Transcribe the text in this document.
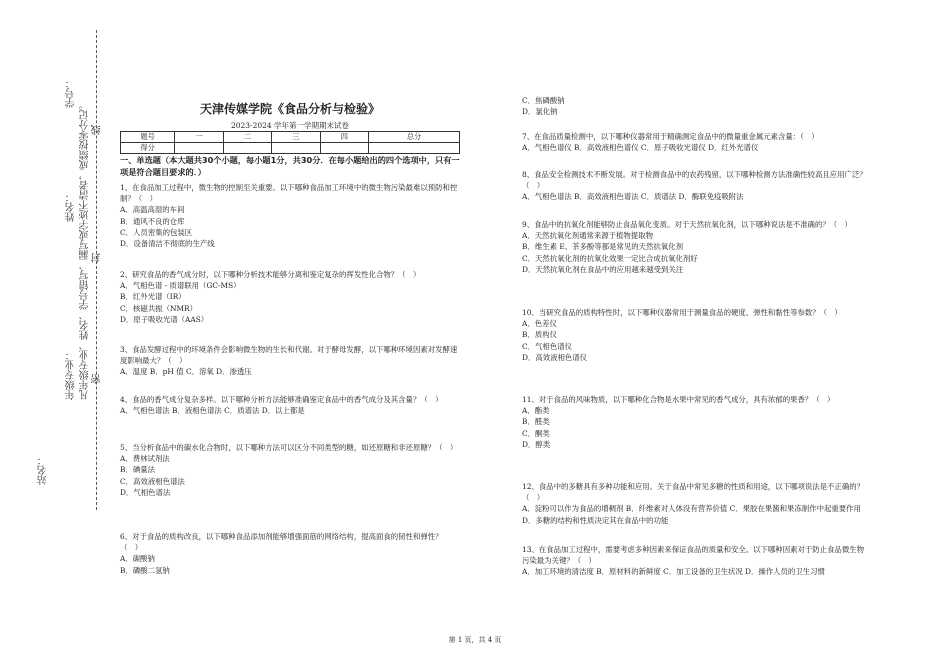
学号：
凡年级专业、姓名、学号错写、漏写或字迹不清者，成绩按零分记。
姓名：
年级专业：
站名：
密
封
线
天津传媒学院《食品分析与检验》
2023-2024 学年第一学期期末试卷
题号	一	二	三	四	总分
得分					
一、单选题（本大题共30个小题，每小题1分，共30分．在每小题给出的四个选项中，只有一项是符合题目要求的．）

1、在食品加工过程中，微生物的控制至关重要。以下哪种食品加工环境中的微生物污染最难以预防和控制？（　）

A．高温高湿的车间

B．通风不良的仓库

C．人员密集的包装区

D．设备清洁不彻底的生产线

2、研究食品的香气成分时，以下哪种分析技术能够分离和鉴定复杂的挥发性化合物？（　）

A．气相色谱 - 质谱联用（GC-MS）

B．红外光谱（IR）

C．核磁共振（NMR）

D．原子吸收光谱（AAS）

3、食品发酵过程中的环境条件会影响微生物的生长和代谢。对于酵母发酵，以下哪种环境因素对发酵速度影响最大？（　）

A．温度 B．pH 值 C．溶氧 D．渗透压

4、食品的香气成分复杂多样。以下哪种分析方法能够准确鉴定食品中的香气成分及其含量？（　）

A．气相色谱法 B．液相色谱法 C．质谱法 D．以上都是

5、当分析食品中的碳水化合物时，以下哪种方法可以区分不同类型的糖，如还原糖和非还原糖？（　）

A．费林试剂法

B．碘量法

C．高效液相色谱法

D．气相色谱法

6、对于食品的质构改良，以下哪种食品添加剂能够增强面筋的网络结构，提高面食的韧性和弹性？（　）

A．碳酸钠

B．磷酸二氢钠

C．焦磷酸钠

D．氯化钠

7、在食品质量检测中，以下哪种仪器常用于精确测定食品中的微量重金属元素含量：（　）

A．气相色谱仪 B．高效液相色谱仪 C．原子吸收光谱仪 D．红外光谱仪

8、食品安全检测技术不断发展。对于检测食品中的农药残留，以下哪种检测方法准确性较高且应用广泛？（　）

A．气相色谱法 B．高效液相色谱法 C．质谱法 D．酶联免疫吸附法

9、食品中的抗氧化剂能够防止食品氧化变质。对于天然抗氧化剂，以下哪种说法是不准确的？（　）

A．天然抗氧化剂通常来源于植物提取物

B．维生素 E、茶多酚等都是常见的天然抗氧化剂

C．天然抗氧化剂的抗氧化效果一定比合成抗氧化剂好

D．天然抗氧化剂在食品中的应用越来越受到关注

10、当研究食品的质构特性时，以下哪种仪器常用于测量食品的硬度、弹性和黏性等参数？（　）

A．色差仪

B．质构仪

C．气相色谱仪

D．高效液相色谱仪

11、对于食品的风味物质，以下哪种化合物是水果中常见的香气成分，具有浓郁的果香？（　）

A．酯类

B．醛类

C．酮类

D．醇类

12、食品中的多糖具有多种功能和应用。关于食品中常见多糖的性质和用途，以下哪项说法是不正确的？（　）

A．淀粉可以作为食品的增稠剂 B．纤维素对人体没有营养价值 C．果胶在果酱和果冻制作中起重要作用 D．多糖的结构和性质决定其在食品中的功能

13、在食品加工过程中，需要考虑多种因素来保证食品的质量和安全。以下哪种因素对于防止食品微生物污染最为关键？（　）

A．加工环境的清洁度 B．原材料的新鲜度 C．加工设备的卫生状况 D．操作人员的卫生习惯

第 1 页，共 4 页
